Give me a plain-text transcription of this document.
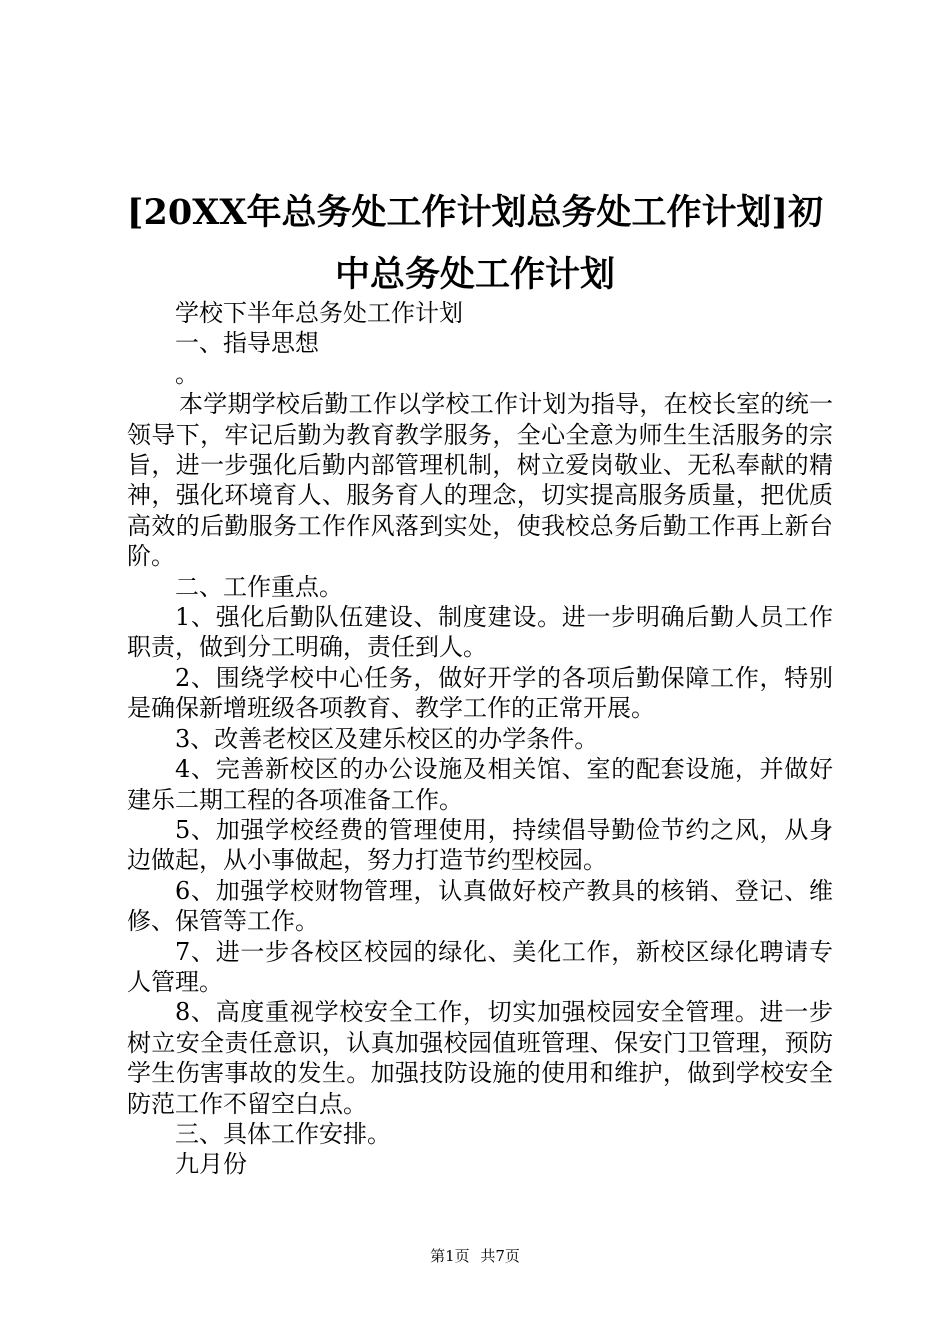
[20XX年总务处工作计划总务处工作计划]初
中总务处工作计划

学校下半年总务处工作计划

一、指导思想

。

本学期学校后勤工作以学校工作计划为指导，在校长室的统一领导下，牢记后勤为教育教学服务，全心全意为师生生活服务的宗旨，进一步强化后勤内部管理机制，树立爱岗敬业、无私奉献的精神，强化环境育人、服务育人的理念，切实提高服务质量，把优质高效的后勤服务工作作风落到实处，使我校总务后勤工作再上新台阶。

二、工作重点。

1、强化后勤队伍建设、制度建设。进一步明确后勤人员工作职责，做到分工明确，责任到人。

2、围绕学校中心任务，做好开学的各项后勤保障工作，特别是确保新增班级各项教育、教学工作的正常开展。

3、改善老校区及建乐校区的办学条件。

4、完善新校区的办公设施及相关馆、室的配套设施，并做好建乐二期工程的各项准备工作。

5、加强学校经费的管理使用，持续倡导勤俭节约之风，从身边做起，从小事做起，努力打造节约型校园。

6、加强学校财物管理，认真做好校产教具的核销、登记、维修、保管等工作。

7、进一步各校区校园的绿化、美化工作，新校区绿化聘请专人管理。

8、高度重视学校安全工作，切实加强校园安全管理。进一步树立安全责任意识，认真加强校园值班管理、保安门卫管理，预防学生伤害事故的发生。加强技防设施的使用和维护，做到学校安全防范工作不留空白点。

三、具体工作安排。

九月份

第1页 共7页
